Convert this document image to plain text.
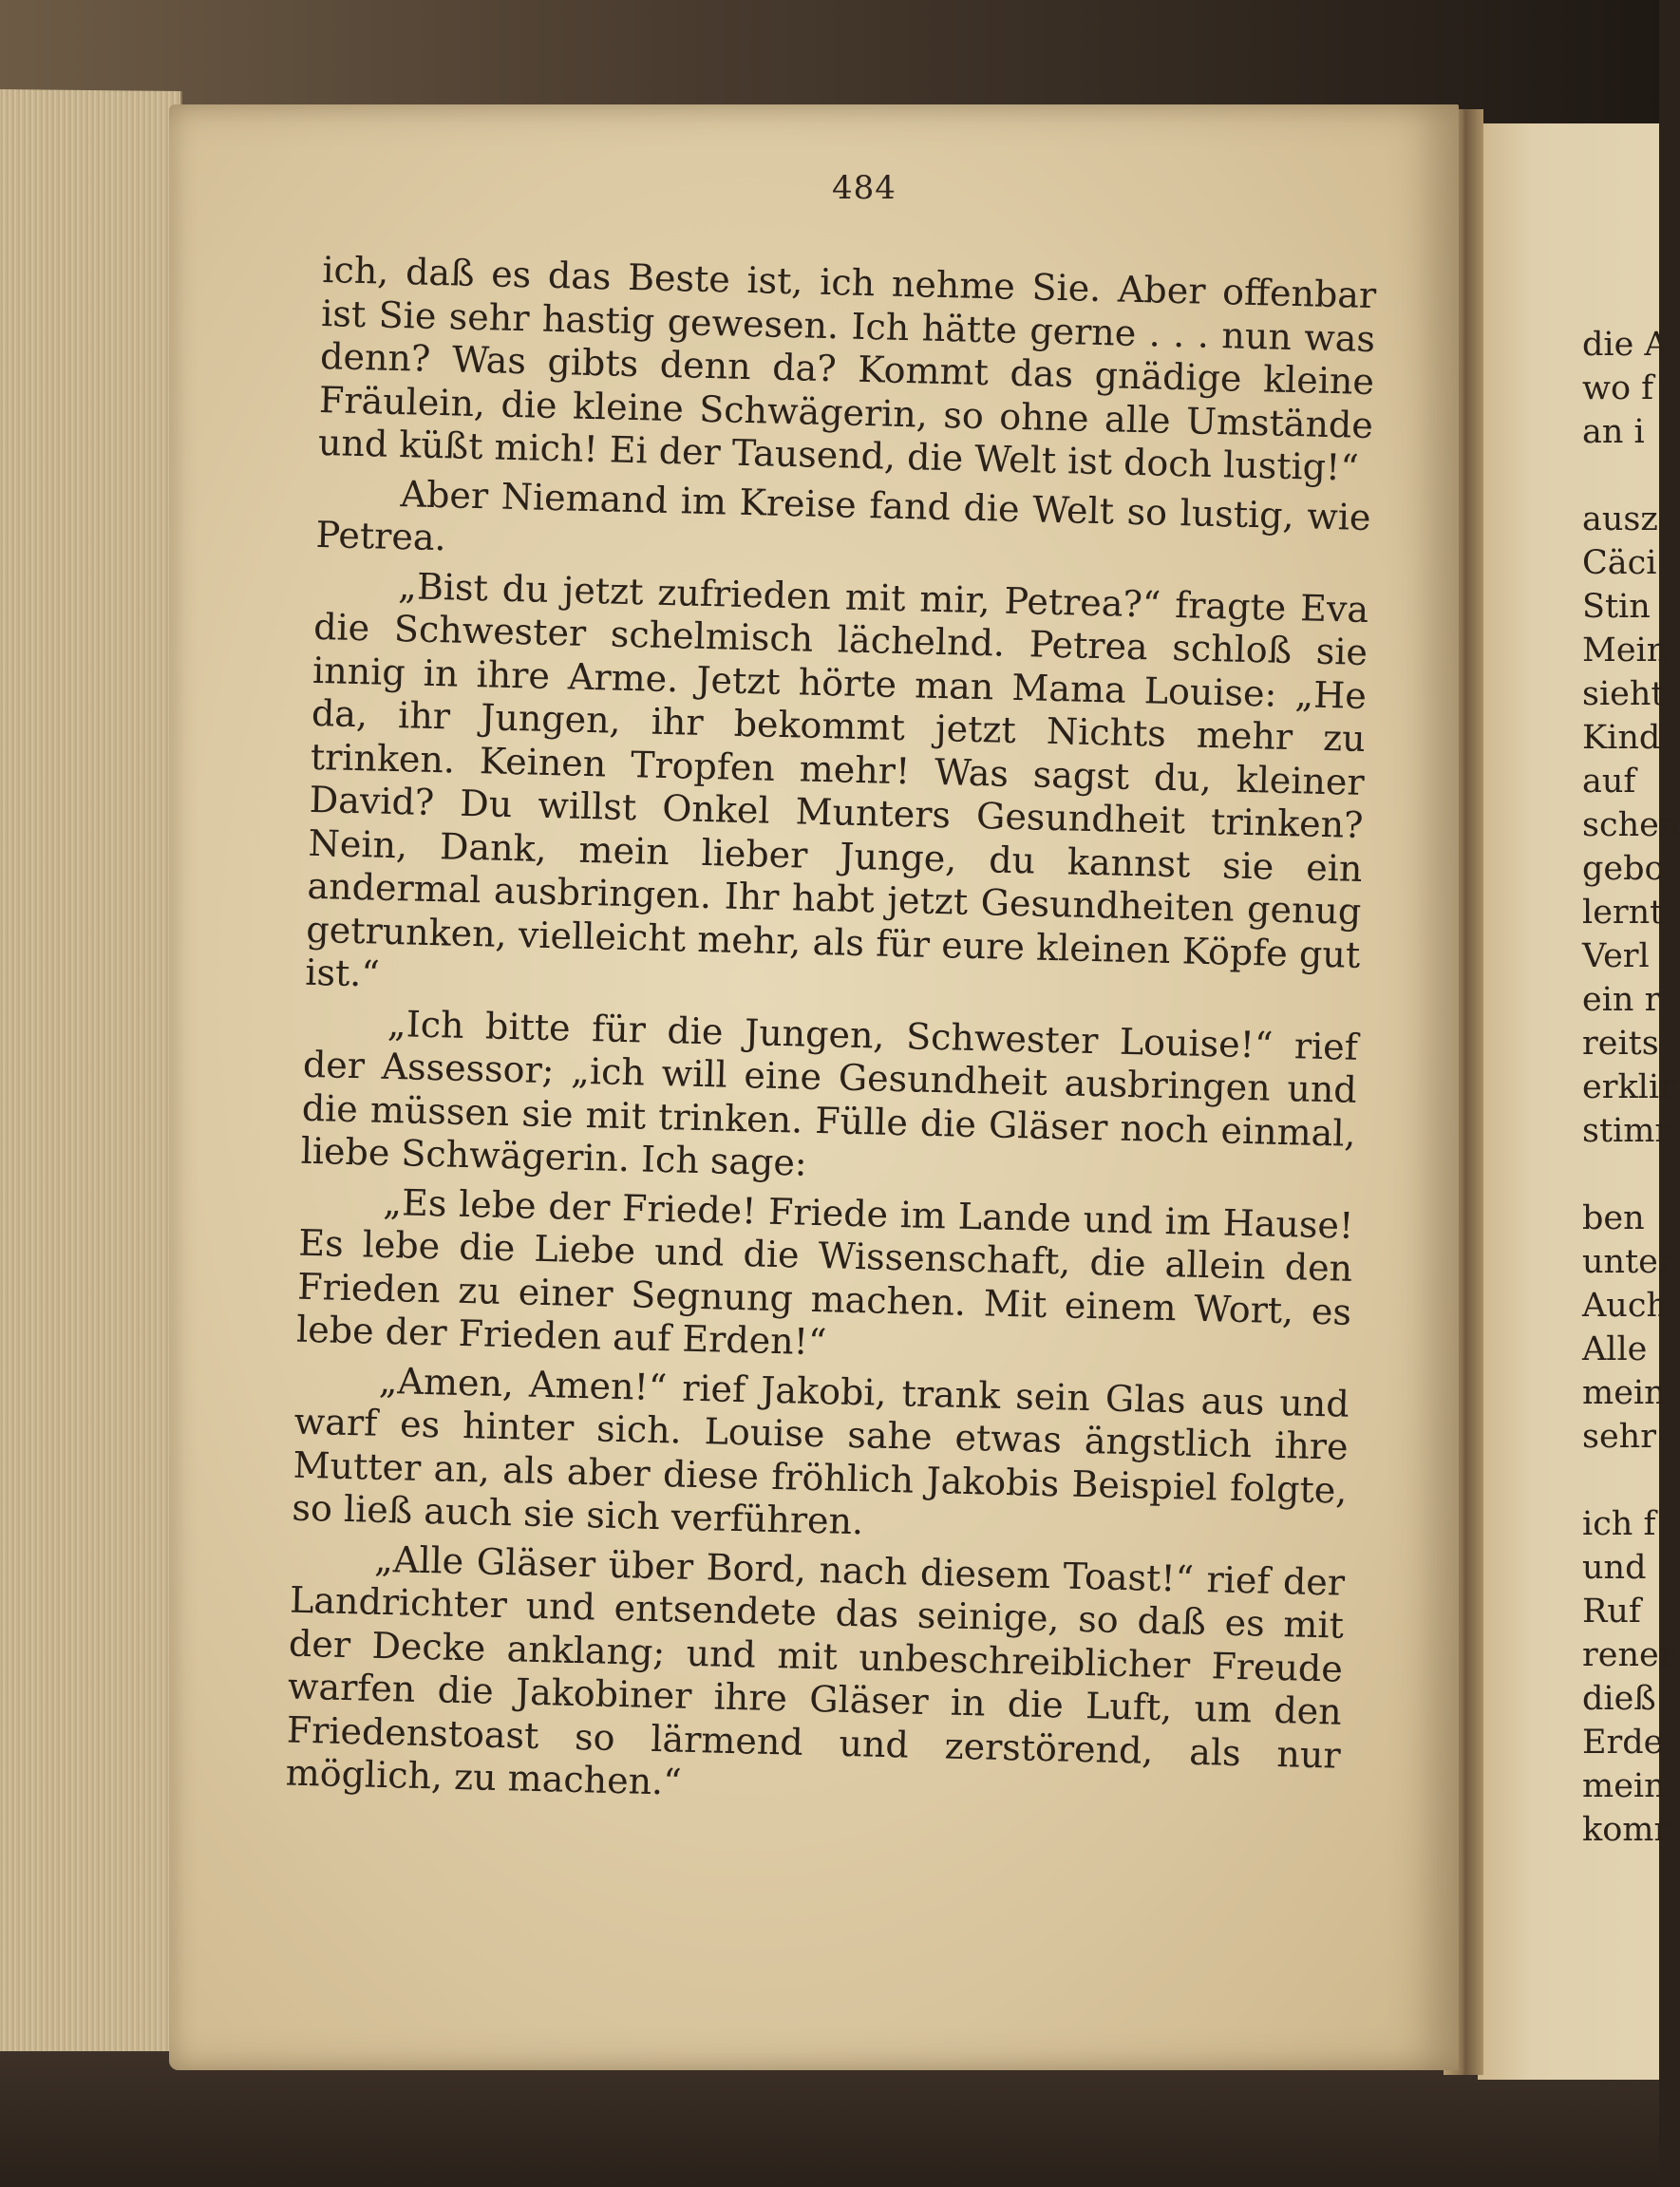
484

ich, daß es das Beste ist, ich nehme Sie. Aber offenbar ist Sie sehr hastig gewesen. Ich hätte gerne . . . nun was denn? Was gibts denn da? Kommt das gnädige kleine Fräulein, die kleine Schwägerin, so ohne alle Umstände und küßt mich! Ei der Tausend, die Welt ist doch lustig!“

Aber Niemand im Kreise fand die Welt so lustig, wie Petrea.

„Bist du jetzt zufrieden mit mir, Petrea?“ fragte Eva die Schwester schelmisch lächelnd. Petrea schloß sie innig in ihre Arme. Jetzt hörte man Mama Louise: „He da, ihr Jungen, ihr bekommt jetzt Nichts mehr zu trinken. Keinen Tropfen mehr! Was sagst du, kleiner David? Du willst Onkel Munters Gesundheit trinken? Nein, Dank, mein lieber Junge, du kannst sie ein andermal ausbringen. Ihr habt jetzt Gesundheiten genug getrunken, vielleicht mehr, als für eure kleinen Köpfe gut ist.“

„Ich bitte für die Jungen, Schwester Louise!“ rief der Assessor; „ich will eine Gesundheit ausbringen und die müssen sie mit trinken. Fülle die Gläser noch einmal, liebe Schwägerin. Ich sage:

„Es lebe der Friede! Friede im Lande und im Hause! Es lebe die Liebe und die Wissenschaft, die allein den Frieden zu einer Segnung machen. Mit einem Wort, es lebe der Frieden auf Erden!“

„Amen, Amen!“ rief Jakobi, trank sein Glas aus und warf es hinter sich. Louise sahe etwas ängstlich ihre Mutter an, als aber diese fröhlich Jakobis Beispiel folgte, so ließ auch sie sich verführen.

„Alle Gläser über Bord, nach diesem Toast!“ rief der Landrichter und entsendete das seinige, so daß es mit der Decke anklang; und mit unbeschreiblicher Freude warfen die Jakobiner ihre Gläser in die Luft, um den Friedenstoast so lärmend und zerstörend, als nur möglich, zu machen.“

die A
wo f
an i
ausz
Cäci
Stin
Mein
sieht
Kind
auf
schen
gebo
lernt
Verl
ein r
reits
erklir
stimr
ben
unter
Auch
Alle
mein
sehr
ich f
und
Ruf
rener
dieß
Erde
mein
komr
